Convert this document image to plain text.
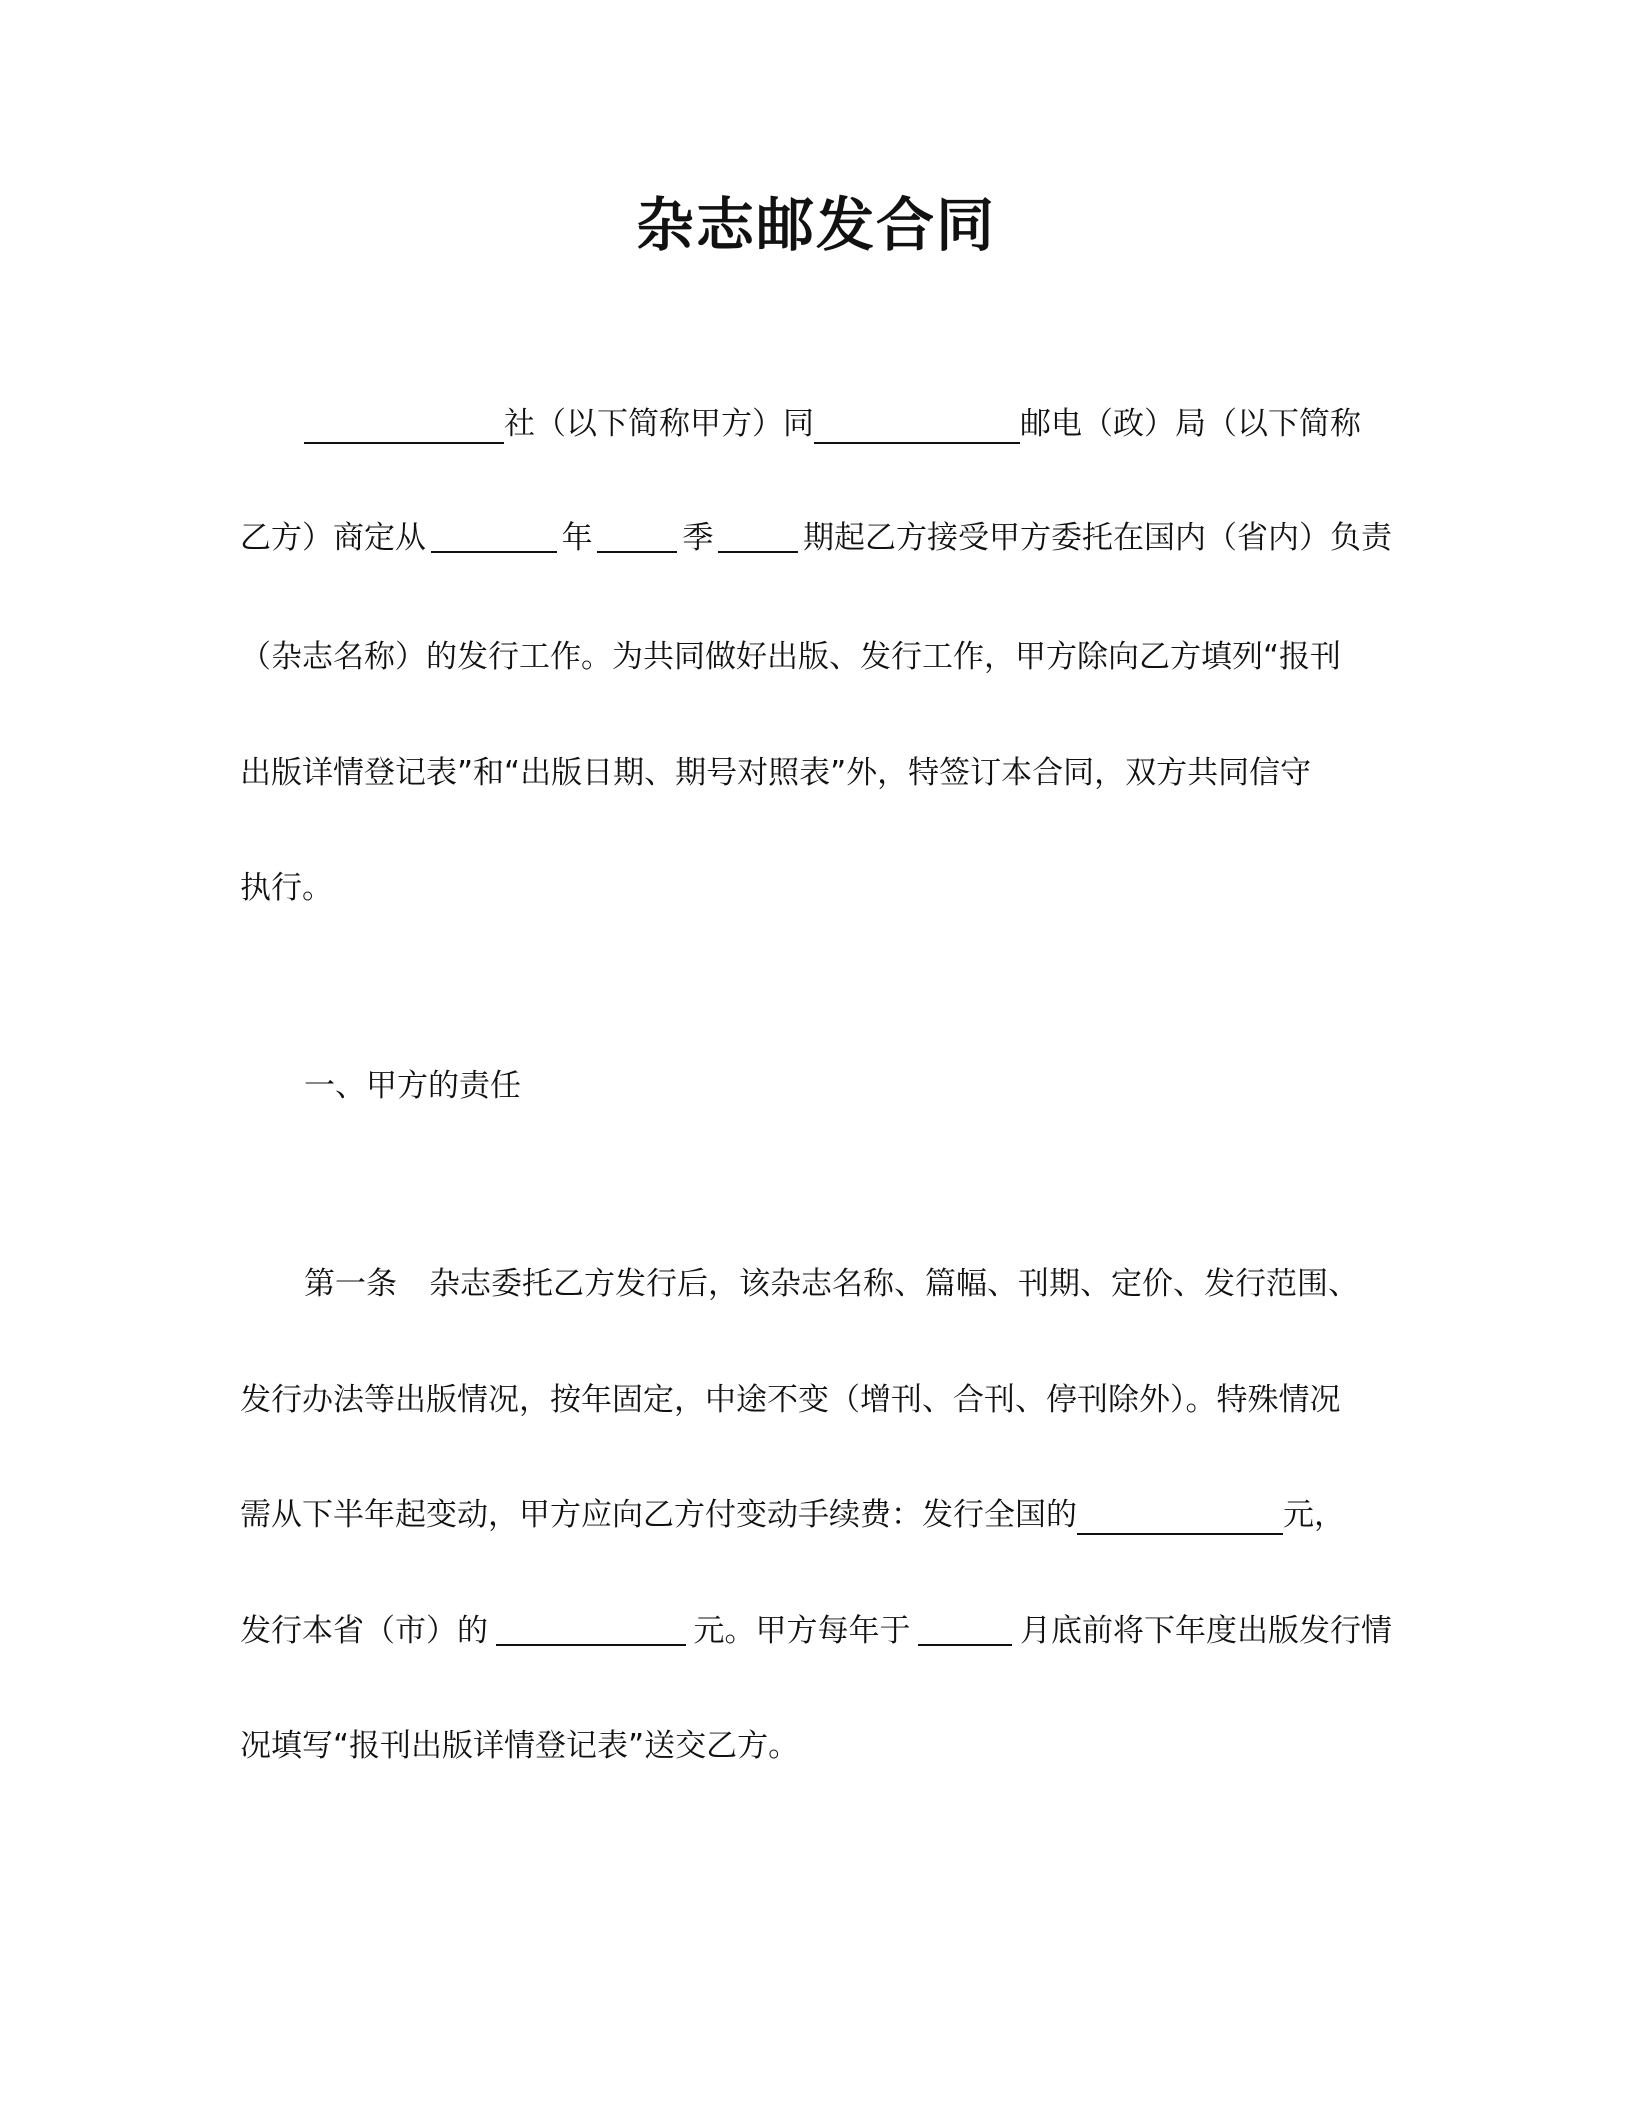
杂志邮发合同
社（以下简称甲方）同	邮电（政）局（以下简称
乙方）商定从	年	季	期起乙方接受甲方委托在国内（省内）负责
（杂志名称）的发行工作。为共同做好出版、发行工作，甲方除向乙方填列“报刊
出版详情登记表”和“出版日期、期号对照表”外，特签订本合同，双方共同信守
执行。
一、甲方的责任
第一条 杂志委托乙方发行后，该杂志名称、篇幅、刊期、定价、发行范围、
发行办法等出版情况，按年固定，中途不变（增刊、合刊、停刊除外）。特殊情况
需从下半年起变动，甲方应向乙方付变动手续费：发行全国的	元，
发行本省（市）的	元。甲方每年于	月底前将下年度出版发行情
况填写“报刊出版详情登记表”送交乙方。
